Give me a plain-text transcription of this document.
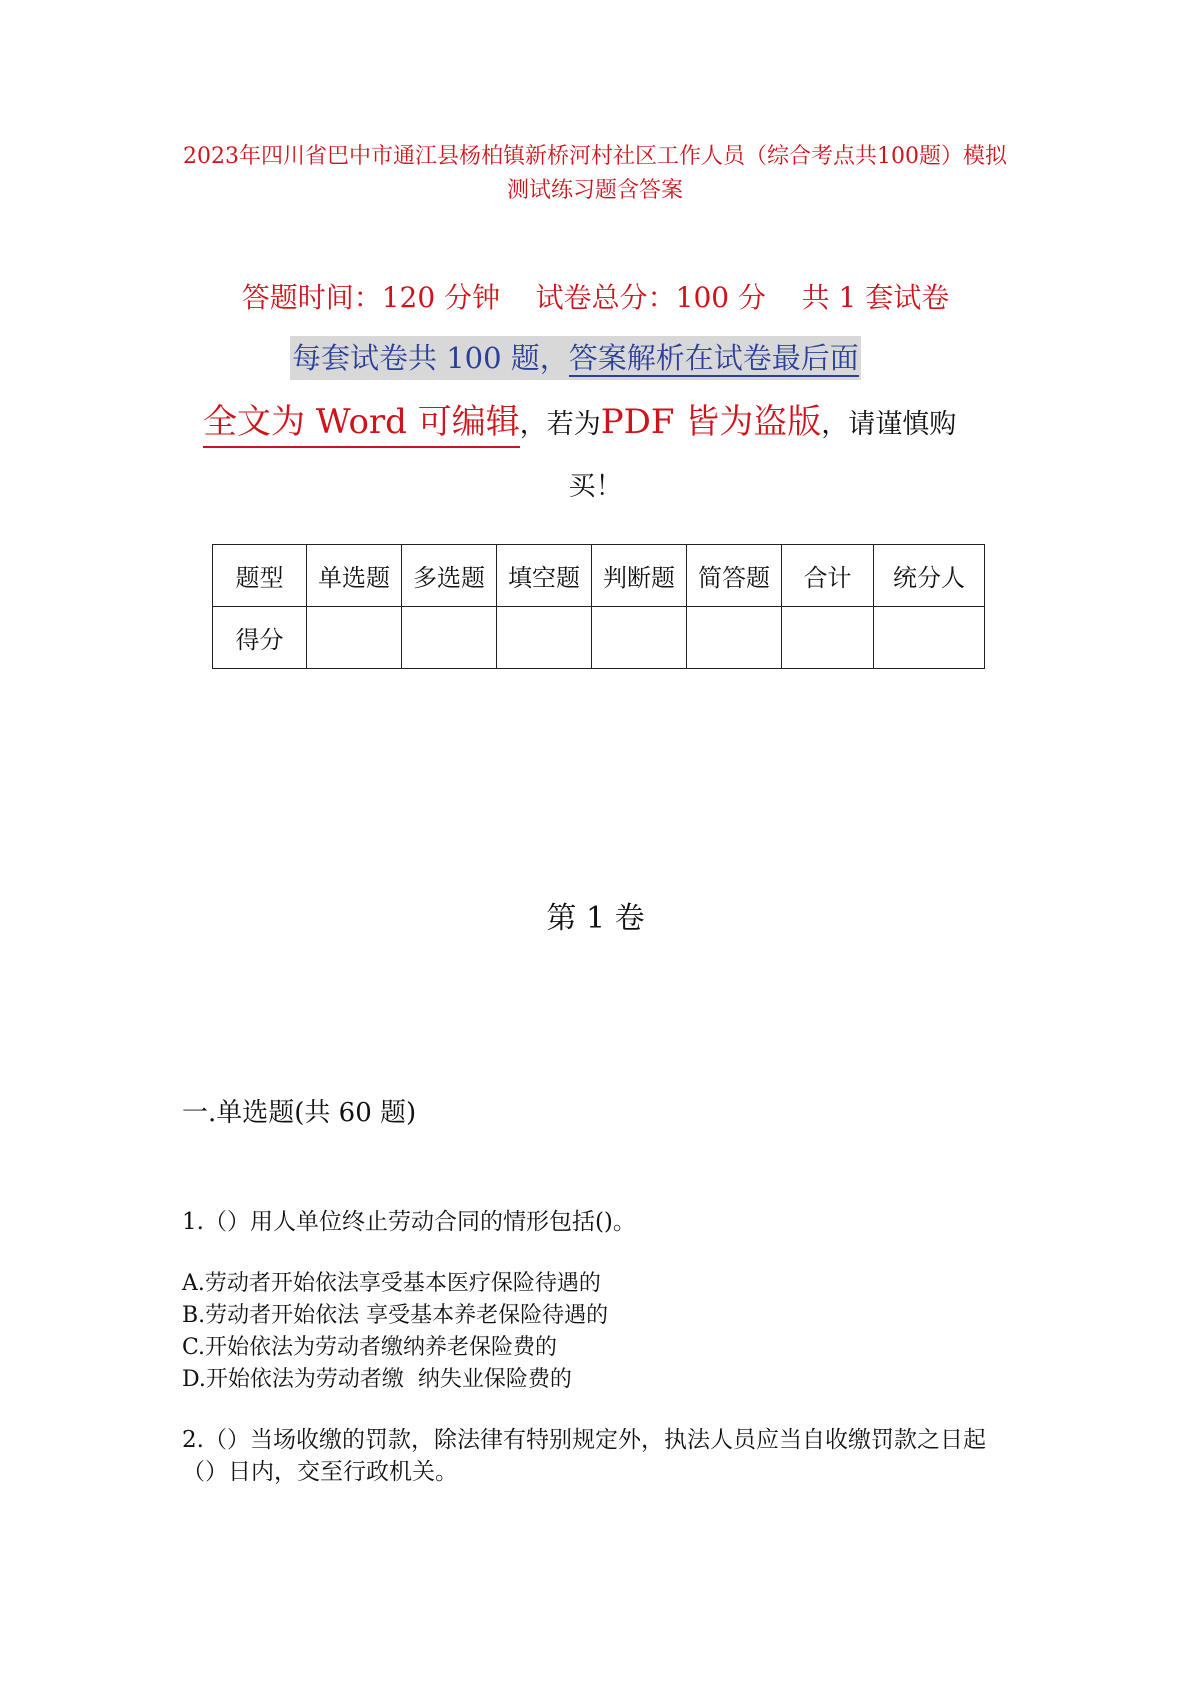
2023年四川省巴中市通江县杨柏镇新桥河村社区工作人员（综合考点共100题）模拟测试练习题含答案
答题时间：120 分钟    试卷总分：100 分    共 1 套试卷
每套试卷共 100 题，答案解析在试卷最后面
全文为 Word 可编辑，若为PDF 皆为盗版，请谨慎购
买！
题型	单选题	多选题	填空题	判断题	简答题	合计	统分人
得分							
第 1 卷
一.单选题(共 60 题)
1.（）用人单位终止劳动合同的情形包括()。
A.劳动者开始依法享受基本医疗保险待遇的
B.劳动者开始依法 享受基本养老保险待遇的
C.开始依法为劳动者缴纳养老保险费的
D.开始依法为劳动者缴  纳失业保险费的
2.（）当场收缴的罚款，除法律有特别规定外，执法人员应当自收缴罚款之日起
（）日内，交至行政机关。
